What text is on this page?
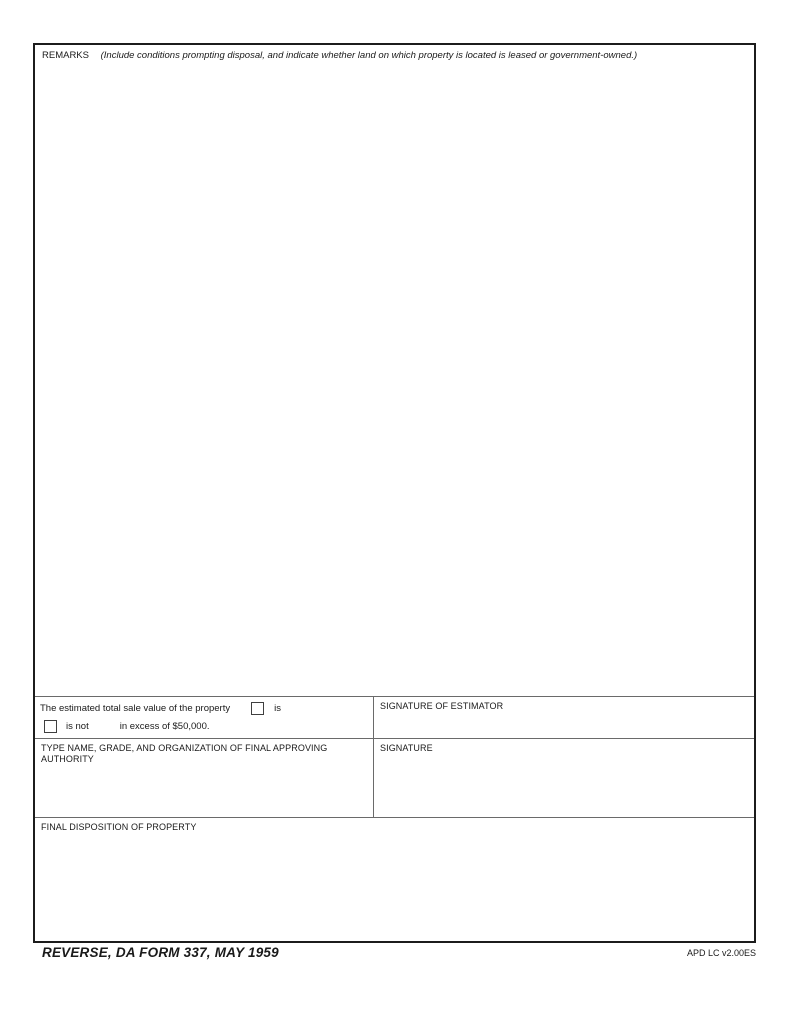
REMARKS (Include conditions prompting disposal, and indicate whether land on which property is located is leased or government-owned.)
The estimated total sale value of the property	is
is not	in excess of $50,000.
SIGNATURE OF ESTIMATOR
TYPE NAME, GRADE, AND ORGANIZATION OF FINAL APPROVING AUTHORITY
SIGNATURE
FINAL DISPOSITION OF PROPERTY
REVERSE, DA FORM 337, MAY 1959	APD LC v2.00ES
